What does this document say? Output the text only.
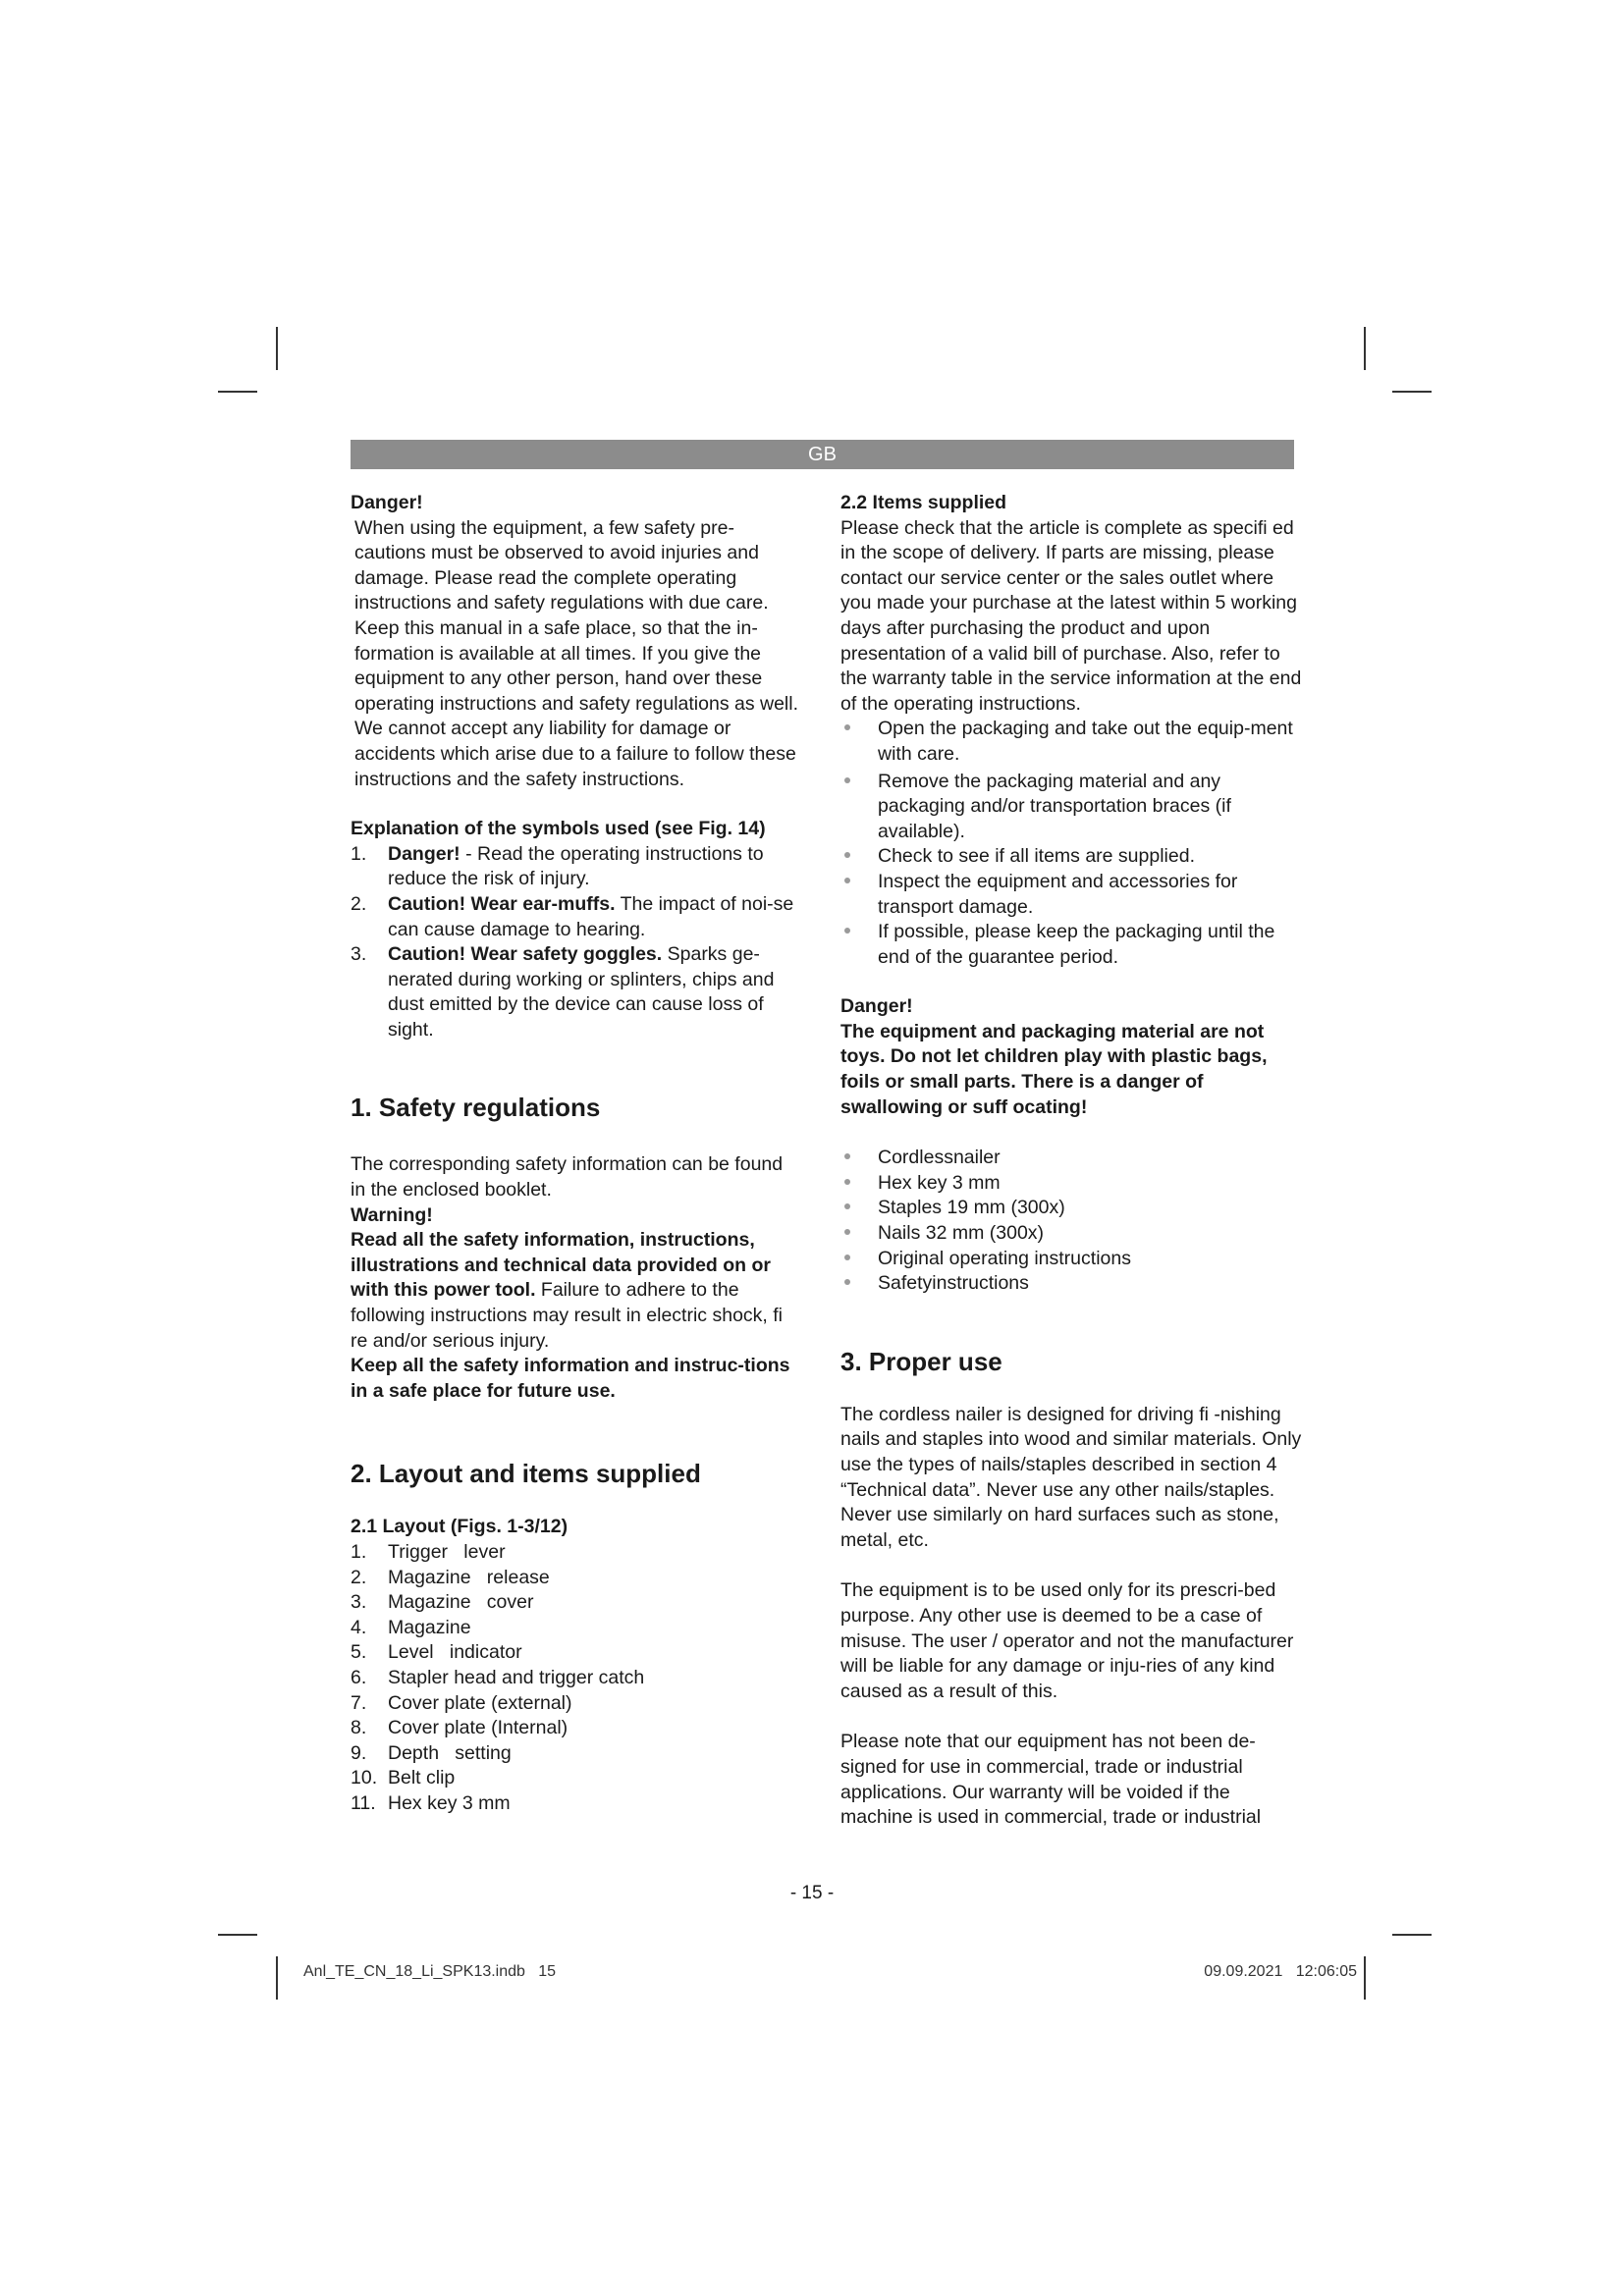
GB

Danger!

When using the equipment, a few safety pre-cautions must be observed to avoid injuries and damage. Please read the complete operating instructions and safety regulations with due care. Keep this manual in a safe place, so that the in-formation is available at all times. If you give the equipment to any other person, hand over these operating instructions and safety regulations as well. We cannot accept any liability for damage or accidents which arise due to a failure to follow these instructions and the safety instructions.

Explanation of the symbols used (see Fig. 14)

1. Danger! - Read the operating instructions to reduce the risk of injury.
2. Caution! Wear ear-muffs. The impact of noi-se can cause damage to hearing.
3. Caution! Wear safety goggles. Sparks ge-nerated during working or splinters, chips and dust emitted by the device can cause loss of sight.
1. Safety regulations

The corresponding safety information can be found in the enclosed booklet.

Warning!

Read all the safety information, instructions, illustrations and technical data provided on or with this power tool. Failure to adhere to the following instructions may result in electric shock, fi re and/or serious injury.

Keep all the safety information and instruc-tions in a safe place for future use.

2. Layout and items supplied

2.1 Layout (Figs. 1-3/12)

1.	Trigger   lever
2.	Magazine   release
3.	Magazine   cover
4.	Magazine
5.	Level   indicator
6.	Stapler head and trigger catch
7.	Cover plate (external)
8.	Cover plate (Internal)
9.	Depth   setting
10. Belt clip
11. Hex key 3 mm

2.2 Items supplied

Please check that the article is complete as specifi ed in the scope of delivery. If parts are missing, please contact our service center or the sales outlet where you made your purchase at the latest within 5 working days after purchasing the product and upon presentation of a valid bill of purchase. Also, refer to the warranty table in the service information at the end of the operating instructions.

Open the packaging and take out the equip-ment with care.
Remove the packaging material and any packaging and/or transportation braces (if available).
Check to see if all items are supplied.
Inspect the equipment and accessories for transport damage.
If possible, please keep the packaging until the end of the guarantee period.

Danger!

The equipment and packaging material are not toys. Do not let children play with plastic bags, foils or small parts. There is a danger of swallowing or suff ocating!

Cordlessnailer
Hex key 3 mm
Staples 19 mm (300x)
Nails 32 mm (300x)
Original operating instructions
Safetyinstructions
3. Proper use

The cordless nailer is designed for driving fi -nishing nails and staples into wood and similar materials. Only use the types of nails/staples described in section 4 “Technical data”. Never use any other nails/staples. Never use similarly on hard surfaces such as stone, metal, etc.

The equipment is to be used only for its prescri-bed purpose. Any other use is deemed to be a case of misuse. The user / operator and not the manufacturer will be liable for any damage or inju-ries of any kind caused as a result of this.

Please note that our equipment has not been de-signed for use in commercial, trade or industrial applications. Our warranty will be voided if the machine is used in commercial, trade or industrial

- 15 -
Anl_TE_CN_18_Li_SPK13.indb   15	09.09.2021   12:06:05
